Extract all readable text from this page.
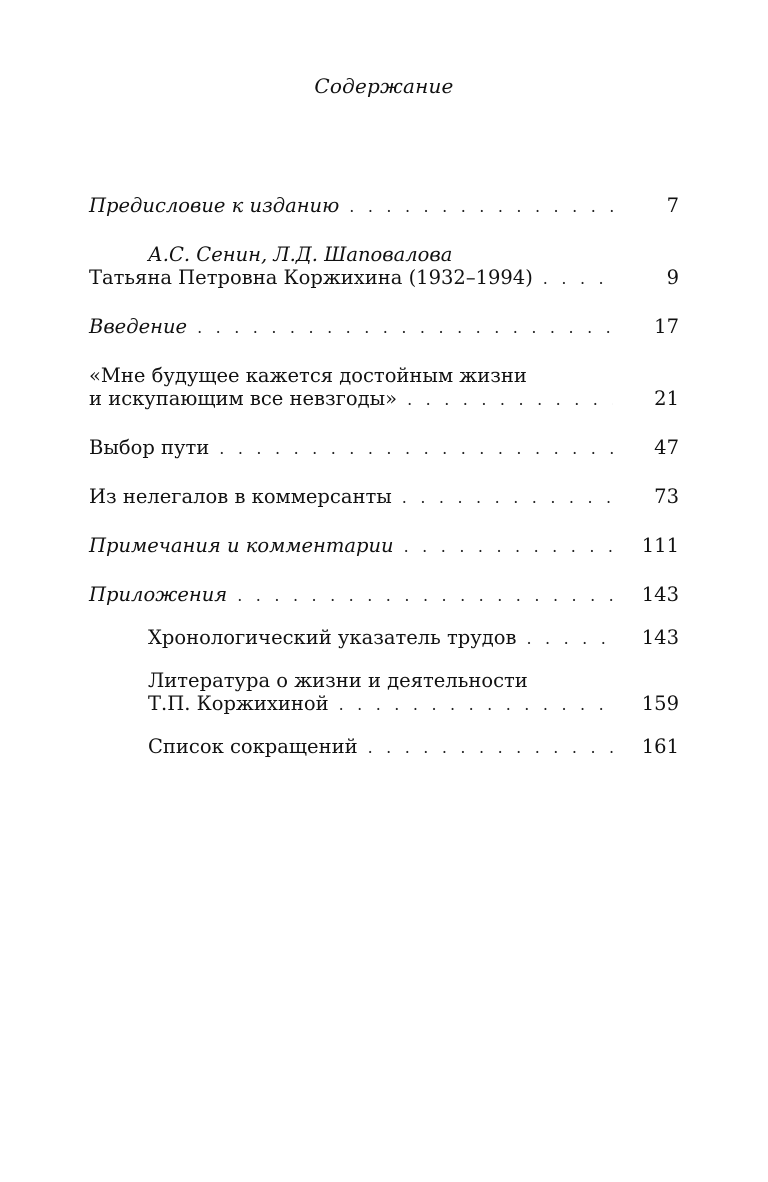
Содержание
Предисловие к изданию . . .	7
А.С. Сенин, Л.Д. Шаповалова
Татьяна Петровна Коржихина (1932–1994) . . .	9
Введение . . .	17
«Мне будущее кажется достойным жизни
и искупающим все невзгоды» . . .	21
Выбор пути . . .	47
Из нелегалов в коммерсанты . . .	73
Примечания и комментарии . . .	111
Приложения . . .	143
Хронологический указатель трудов . . .	143
Литература о жизни и деятельности
Т.П. Коржихиной . . .	159
Список сокращений . . .	161
